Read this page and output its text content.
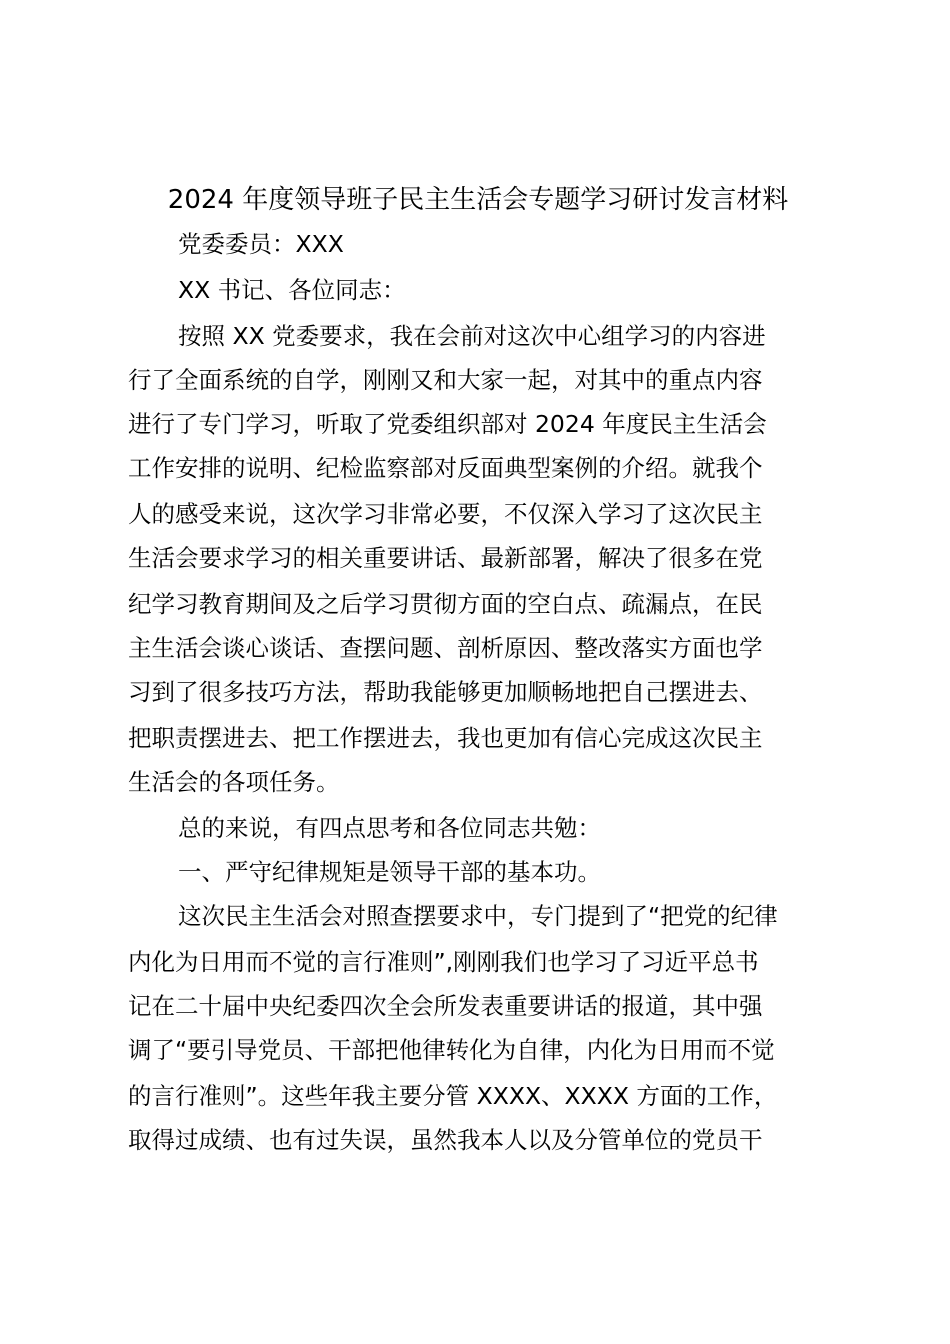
2024 年度领导班子民主生活会专题学习研讨发言材料
党委委员：XXX
XX 书记、各位同志：
按照 XX 党委要求，我在会前对这次中心组学习的内容进
行了全面系统的自学，刚刚又和大家一起，对其中的重点内容
进行了专门学习，听取了党委组织部对 2024 年度民主生活会
工作安排的说明、纪检监察部对反面典型案例的介绍。就我个
人的感受来说，这次学习非常必要，不仅深入学习了这次民主
生活会要求学习的相关重要讲话、最新部署，解决了很多在党
纪学习教育期间及之后学习贯彻方面的空白点、疏漏点，在民
主生活会谈心谈话、查摆问题、剖析原因、整改落实方面也学
习到了很多技巧方法，帮助我能够更加顺畅地把自己摆进去、
把职责摆进去、把工作摆进去，我也更加有信心完成这次民主
生活会的各项任务。
总的来说，有四点思考和各位同志共勉：
一、严守纪律规矩是领导干部的基本功。
这次民主生活会对照查摆要求中，专门提到了“把党的纪律
内化为日用而不觉的言行准则”,刚刚我们也学习了习近平总书
记在二十届中央纪委四次全会所发表重要讲话的报道，其中强
调了“要引导党员、干部把他律转化为自律，内化为日用而不觉
的言行准则”。这些年我主要分管 XXXX、XXXX 方面的工作，
取得过成绩、也有过失误，虽然我本人以及分管单位的党员干
